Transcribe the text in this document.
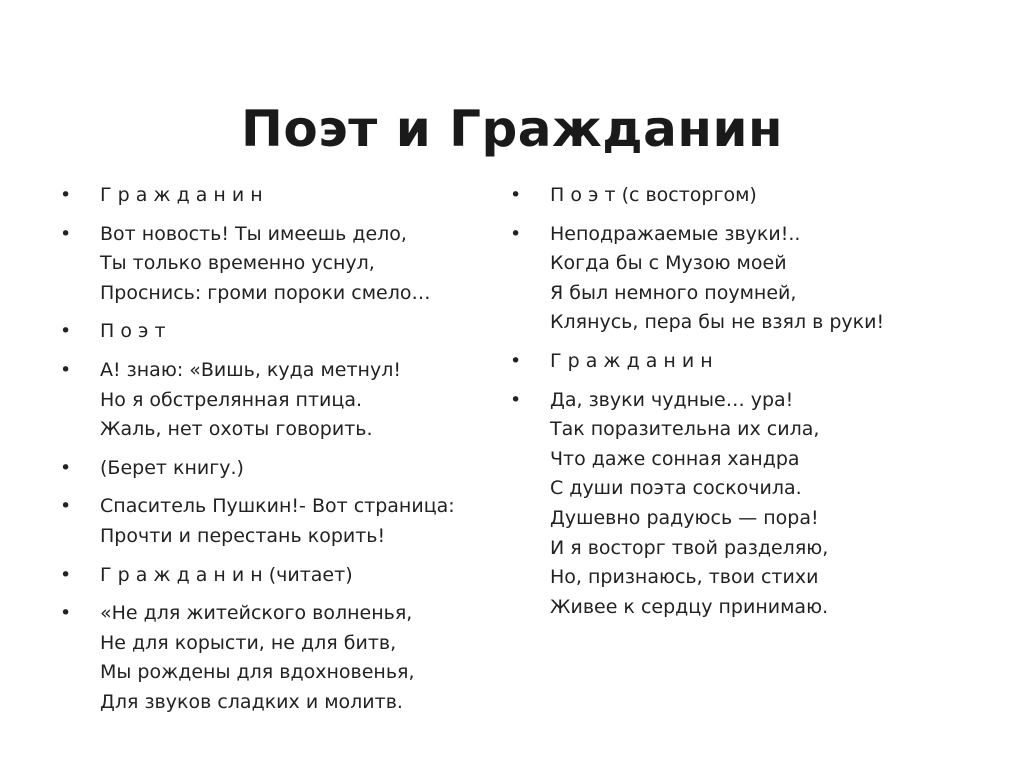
Поэт и Гражданин
•	Г р а ж д а н и н
•	Вот новость! Ты имеешь дело,
Ты только временно уснул,
Проснись: громи пороки смело…
•	П о э т
•	А! знаю: «Вишь, куда метнул!
Но я обстрелянная птица.
Жаль, нет охоты говорить.
•	(Берет книгу.)
•	Спаситель Пушкин!- Вот страница:
Прочти и перестань корить!
•	Г р а ж д а н и н (читает)
•	«Не для житейского волненья,
Не для корысти, не для битв,
Мы рождены для вдохновенья,
Для звуков сладких и молитв.
•	П о э т (с восторгом)
•	Неподражаемые звуки!..
Когда бы с Музою моей
Я был немного поумней,
Клянусь, пера бы не взял в руки!
•	Г р а ж д а н и н
•	Да, звуки чудные… ура!
Так поразительна их сила,
Что даже сонная хандра
С души поэта соскочила.
Душевно радуюсь — пора!
И я восторг твой разделяю,
Но, признаюсь, твои стихи
Живее к сердцу принимаю.
